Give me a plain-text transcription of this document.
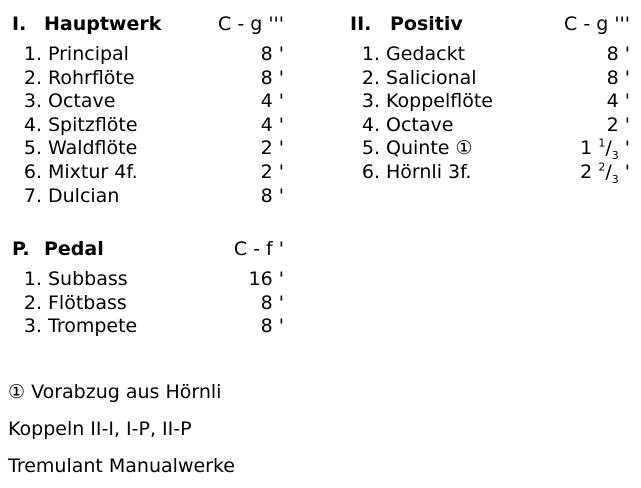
I. Hauptwerk	C - g '''
1. Principal	8 '
2. Rohrflöte	8 '
3. Octave	4 '
4. Spitzflöte	4 '
5. Waldflöte	2 '
6. Mixtur 4f.	2 '
7. Dulcian	8 '
II. Positiv	C - g '''
1. Gedackt	8 '
2. Salicional	8 '
3. Koppelflöte	4 '
4. Octave	2 '
5. Quinte ①	1 $^1/_3$ '
6. Hörnli 3f.	2 $^2/_3$ '
P. Pedal	C - f '
1. Subbass	16 '
2. Flötbass	8 '
3. Trompete	8 '
① Vorabzug aus Hörnli
Koppeln II-I, I-P, II-P
Tremulant Manualwerke
